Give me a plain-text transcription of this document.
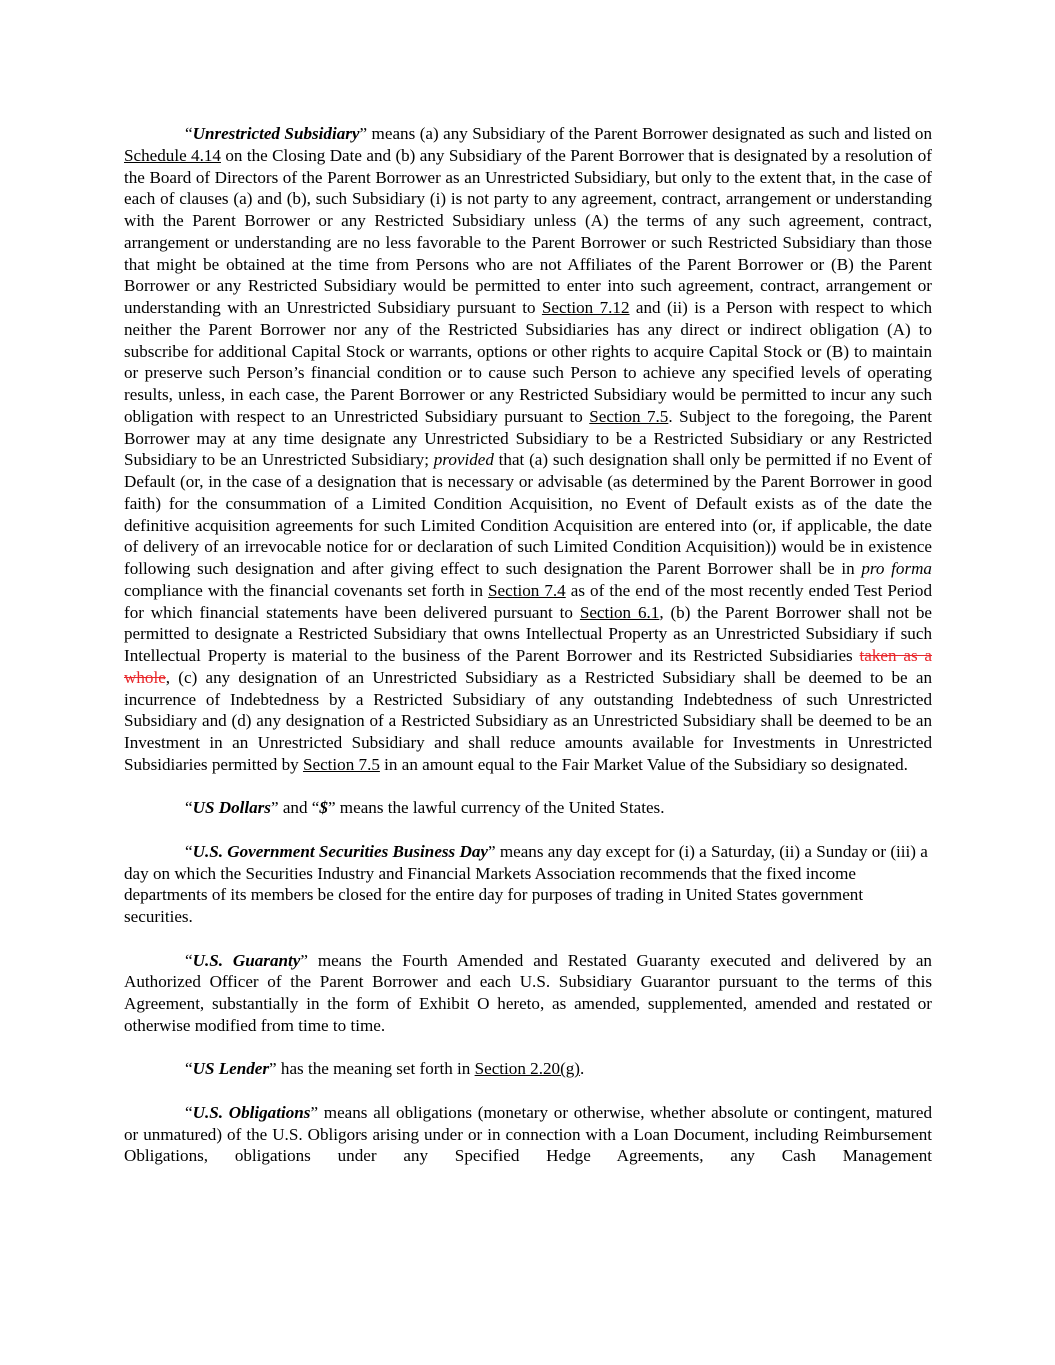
“Unrestricted Subsidiary” means (a) any Subsidiary of the Parent Borrower designated as such and listed on Schedule 4.14 on the Closing Date and (b) any Subsidiary of the Parent Borrower that is designated by a resolution of the Board of Directors of the Parent Borrower as an Unrestricted Subsidiary, but only to the extent that, in the case of each of clauses (a) and (b), such Subsidiary (i) is not party to any agreement, contract, arrangement or understanding with the Parent Borrower or any Restricted Subsidiary unless (A) the terms of any such agreement, contract, arrangement or understanding are no less favorable to the Parent Borrower or such Restricted Subsidiary than those that might be obtained at the time from Persons who are not Affiliates of the Parent Borrower or (B) the Parent Borrower or any Restricted Subsidiary would be permitted to enter into such agreement, contract, arrangement or understanding with an Unrestricted Subsidiary pursuant to Section 7.12 and (ii) is a Person with respect to which neither the Parent Borrower nor any of the Restricted Subsidiaries has any direct or indirect obligation (A) to subscribe for additional Capital Stock or warrants, options or other rights to acquire Capital Stock or (B) to maintain or preserve such Person’s financial condition or to cause such Person to achieve any specified levels of operating results, unless, in each case, the Parent Borrower or any Restricted Subsidiary would be permitted to incur any such obligation with respect to an Unrestricted Subsidiary pursuant to Section 7.5. Subject to the foregoing, the Parent Borrower may at any time designate any Unrestricted Subsidiary to be a Restricted Subsidiary or any Restricted Subsidiary to be an Unrestricted Subsidiary; provided that (a) such designation shall only be permitted if no Event of Default (or, in the case of a designation that is necessary or advisable (as determined by the Parent Borrower in good faith) for the consummation of a Limited Condition Acquisition, no Event of Default exists as of the date the definitive acquisition agreements for such Limited Condition Acquisition are entered into (or, if applicable, the date of delivery of an irrevocable notice for or declaration of such Limited Condition Acquisition)) would be in existence following such designation and after giving effect to such designation the Parent Borrower shall be in pro forma compliance with the financial covenants set forth in Section 7.4 as of the end of the most recently ended Test Period for which financial statements have been delivered pursuant to Section 6.1, (b) the Parent Borrower shall not be permitted to designate a Restricted Subsidiary that owns Intellectual Property as an Unrestricted Subsidiary if such Intellectual Property is material to the business of the Parent Borrower and its Restricted Subsidiaries taken as a whole, (c) any designation of an Unrestricted Subsidiary as a Restricted Subsidiary shall be deemed to be an incurrence of Indebtedness by a Restricted Subsidiary of any outstanding Indebtedness of such Unrestricted Subsidiary and (d) any designation of a Restricted Subsidiary as an Unrestricted Subsidiary shall be deemed to be an Investment in an Unrestricted Subsidiary and shall reduce amounts available for Investments in Unrestricted Subsidiaries permitted by Section 7.5 in an amount equal to the Fair Market Value of the Subsidiary so designated.

“US Dollars” and “$” means the lawful currency of the United States.

“U.S. Government Securities Business Day” means any day except for (i) a Saturday, (ii) a Sunday or (iii) a day on which the Securities Industry and Financial Markets Association recommends that the fixed income departments of its members be closed for the entire day for purposes of trading in United States government securities.

“U.S. Guaranty” means the Fourth Amended and Restated Guaranty executed and delivered by an Authorized Officer of the Parent Borrower and each U.S. Subsidiary Guarantor pursuant to the terms of this Agreement, substantially in the form of Exhibit O hereto, as amended, supplemented, amended and restated or otherwise modified from time to time.

“US Lender” has the meaning set forth in Section 2.20(g).

“U.S. Obligations” means all obligations (monetary or otherwise, whether absolute or contingent, matured or unmatured) of the U.S. Obligors arising under or in connection with a Loan Document, including Reimbursement Obligations, obligations under any Specified Hedge Agreements, any Cash Management
